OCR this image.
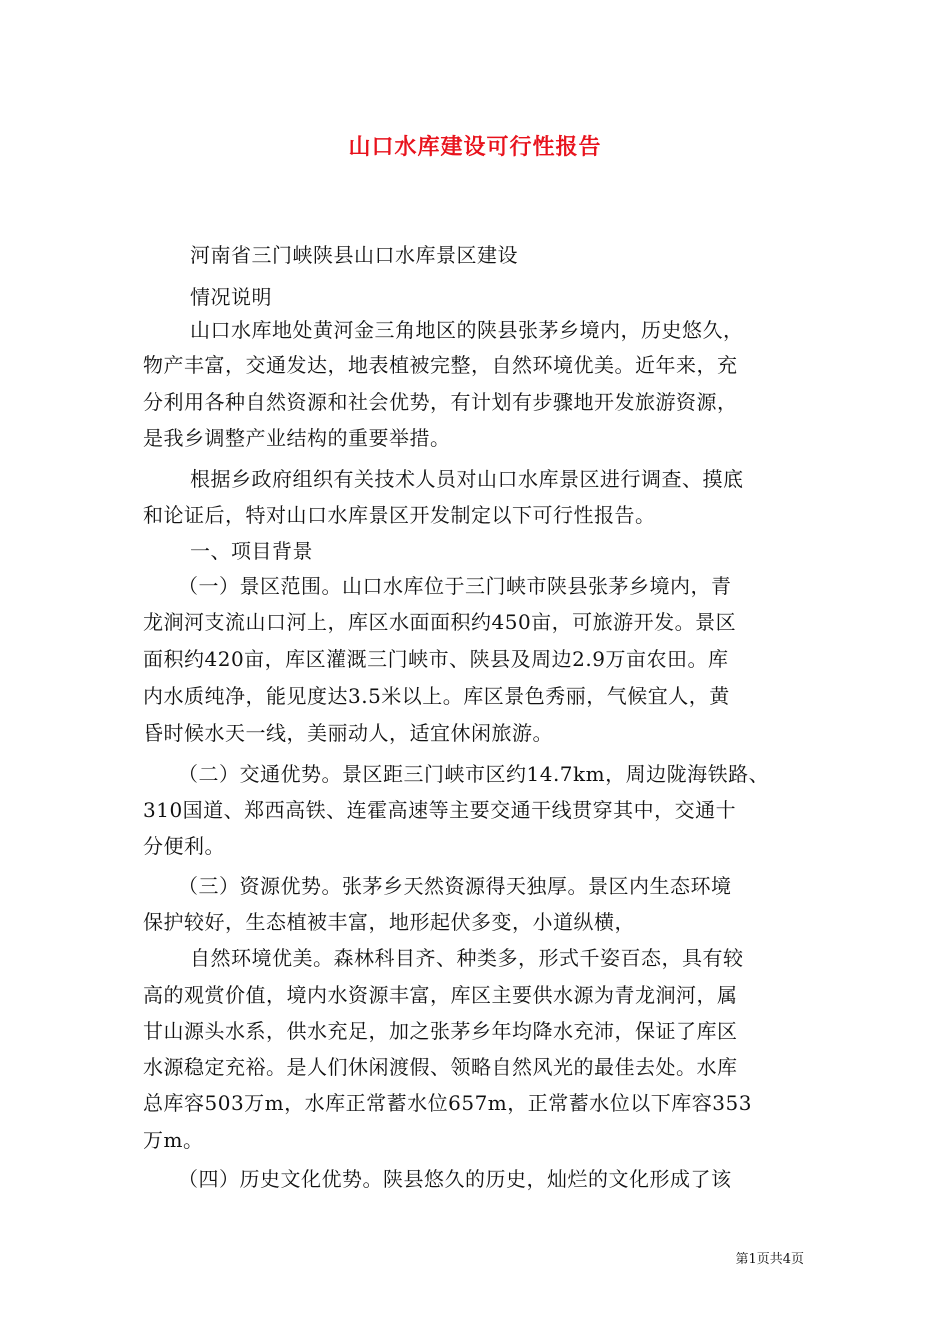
山口水库建设可行性报告
河南省三门峡陕县山口水库景区建设
情况说明
山口水库地处黄河金三角地区的陕县张茅乡境内，历史悠久，
物产丰富，交通发达，地表植被完整，自然环境优美。近年来，充
分利用各种自然资源和社会优势，有计划有步骤地开发旅游资源，
是我乡调整产业结构的重要举措。
根据乡政府组织有关技术人员对山口水库景区进行调查、摸底
和论证后，特对山口水库景区开发制定以下可行性报告。
一、项目背景
（一）景区范围。山口水库位于三门峡市陕县张茅乡境内，青
龙涧河支流山口河上，库区水面面积约450亩，可旅游开发。景区
面积约420亩，库区灌溉三门峡市、陕县及周边2.9万亩农田。库
内水质纯净，能见度达3.5米以上。库区景色秀丽，气候宜人，黄
昏时候水天一线，美丽动人，适宜休闲旅游。
（二）交通优势。景区距三门峡市区约14.7km，周边陇海铁路、
310国道、郑西高铁、连霍高速等主要交通干线贯穿其中，交通十
分便利。
（三）资源优势。张茅乡天然资源得天独厚。景区内生态环境
保护较好，生态植被丰富，地形起伏多变，小道纵横，
自然环境优美。森林科目齐、种类多，形式千姿百态，具有较
高的观赏价值，境内水资源丰富，库区主要供水源为青龙涧河，属
甘山源头水系，供水充足，加之张茅乡年均降水充沛，保证了库区
水源稳定充裕。是人们休闲渡假、领略自然风光的最佳去处。水库
总库容503万m，水库正常蓄水位657m，正常蓄水位以下库容353
万m。
（四）历史文化优势。陕县悠久的历史，灿烂的文化形成了该
第1页共4页
